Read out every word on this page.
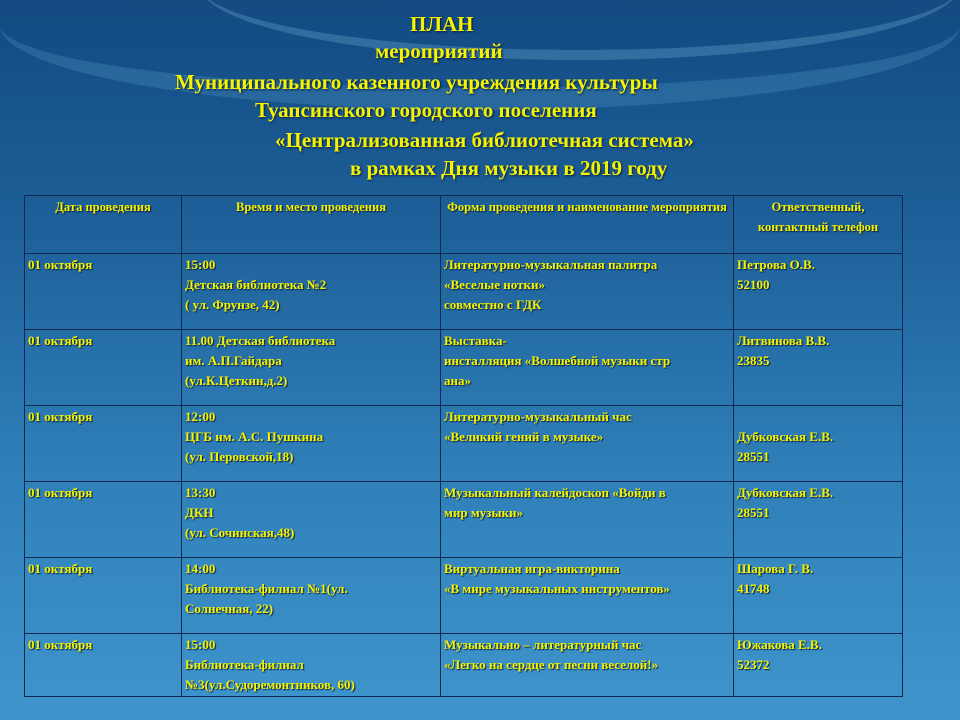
ПЛАН
мероприятий
Муниципального казенного учреждения культуры
Туапсинского городского поселения
«Централизованная библиотечная система»
в рамках Дня музыки в 2019 году
Дата проведения	Время и место проведения	Форма проведения и наименование мероприятия	Ответственный, контактный телефон
01 октября	15:00
Детская библиотека №2
( ул. Фрунзе, 42)	Литературно-музыкальная палитра
«Веселые нотки»
совместно с ГДК	Петрова О.В.
52100

01 октября	11.00 Детская библиотека
им. А.П.Гайдара
(ул.К.Цеткин,д.2)	Выставка-
инсталляция «Волшебной музыки стр
ана»	Литвинова В.В.
23835

01 октября	12:00
ЦГБ им. А.С. Пушкина
(ул. Перовской,18)	Литературно-музыкальный час
«Великий гений в музыке»	Дубковская Е.В.
28551

01 октября	13:30
ДКН
(ул. Сочинская,48)	Музыкальный калейдоскоп «Войди в
мир музыки»	Дубковская Е.В.
28551

01 октября	14:00
Библиотека-филиал №1(ул.
Солнечная, 22)	Виртуальная игра-викторина
«В мире музыкальных инструментов»	Шарова Г. В.
41748

01 октября	15:00
Библиотека-филиал
№3(ул.Судоремонтников, 60)	Музыкально – литературный час
«Легко на сердце от песни веселой!»	Южакова Е.В.
52372
